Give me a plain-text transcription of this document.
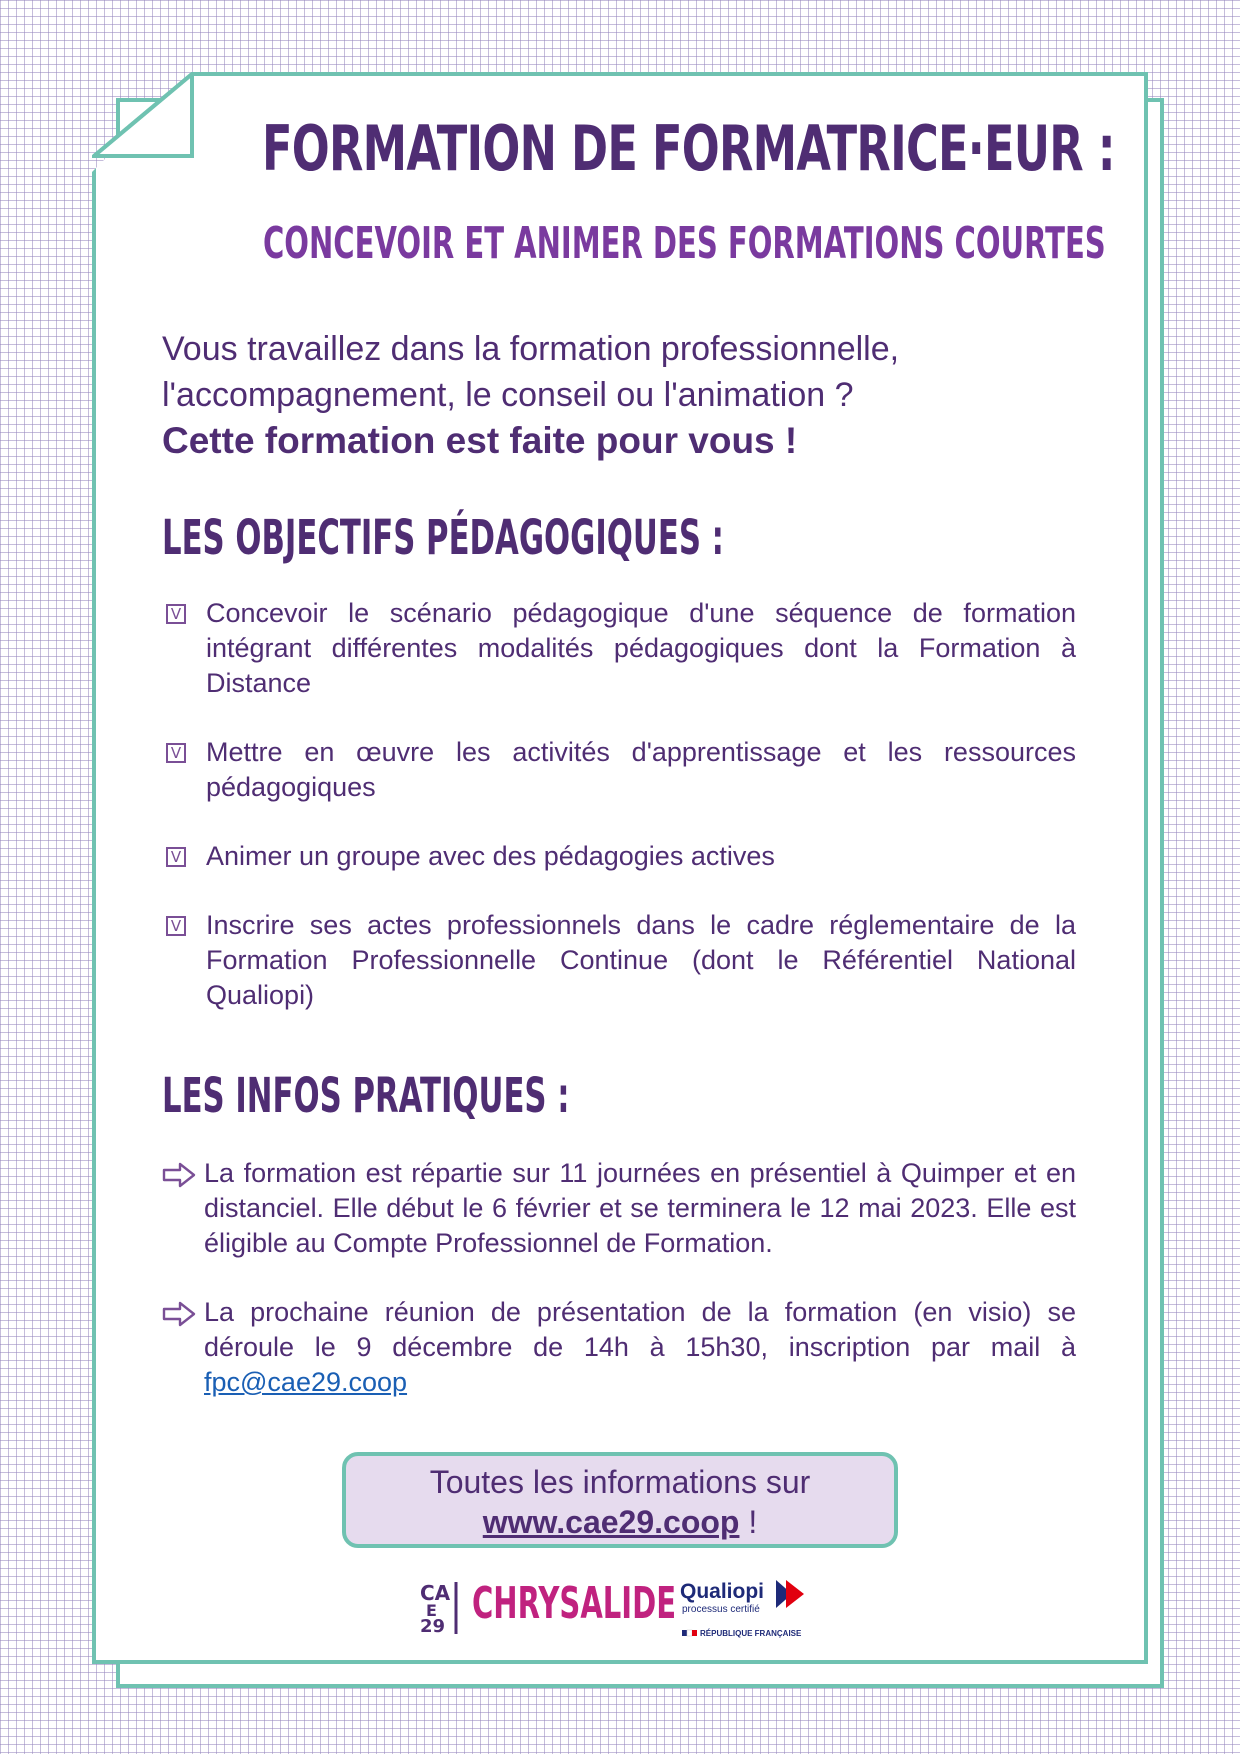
FORMATION DE FORMATRICE·EUR :
CONCEVOIR ET ANIMER DES FORMATIONS COURTES
Vous travaillez dans la formation professionnelle,
l'accompagnement, le conseil ou l'animation ?
Cette formation est faite pour vous !
LES OBJECTIFS PÉDAGOGIQUES :
V Concevoir le scénario pédagogique d'une séquence de formation intégrant différentes modalités pédagogiques dont la Formation à Distance
V Mettre en œuvre les activités d'apprentissage et les ressources pédagogiques
V Animer un groupe avec des pédagogies actives
V Inscrire ses actes professionnels dans le cadre réglementaire de la Formation Professionnelle Continue (dont le Référentiel National Qualiopi)
LES INFOS PRATIQUES :
La formation est répartie sur 11 journées en présentiel à Quimper et en distanciel. Elle début le 6 février et se terminera le 12 mai 2023. Elle est éligible au Compte Professionnel de Formation.
La prochaine réunion de présentation de la formation (en visio) se déroule le 9 décembre de 14h à 15h30, inscription par mail à fpc@cae29.coop
Toutes les informations sur
www.cae29.coop !
CA
E
29 CHRYSALIDE Qualiopi
processus certifié
RÉPUBLIQUE FRANÇAISE
